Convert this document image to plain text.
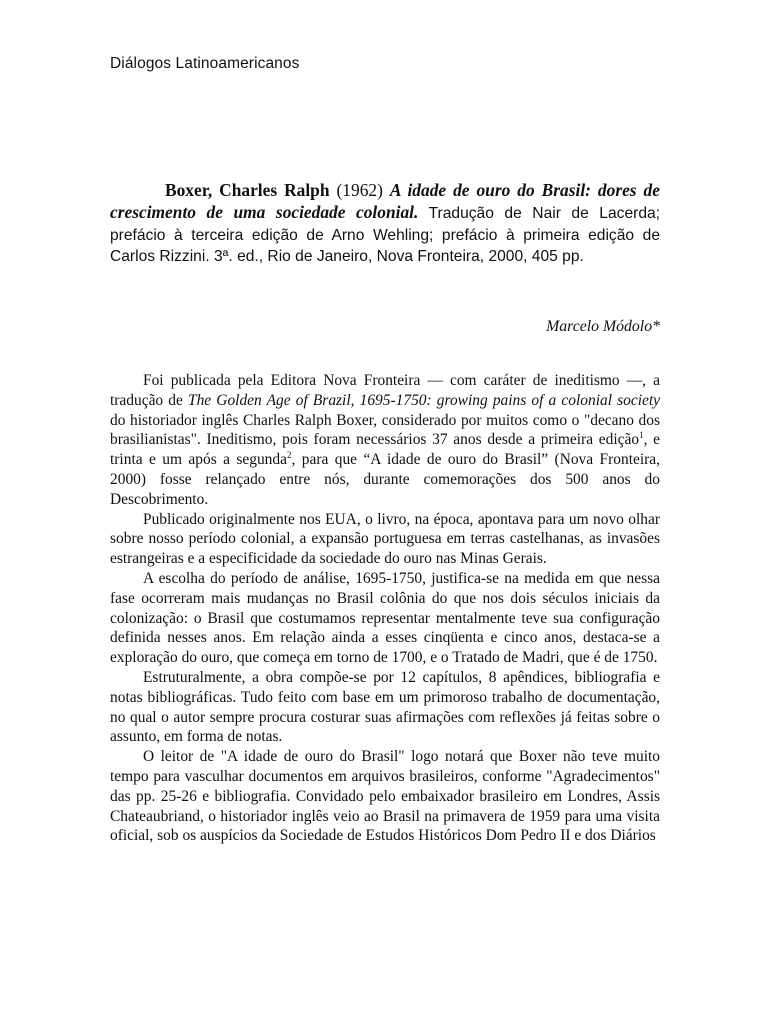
Diálogos Latinoamericanos
Boxer, Charles Ralph (1962) A idade de ouro do Brasil: dores de crescimento de uma sociedade colonial. Tradução de Nair de Lacerda; prefácio à terceira edição de Arno Wehling; prefácio à primeira edição de Carlos Rizzini. 3ª. ed., Rio de Janeiro, Nova Fronteira, 2000, 405 pp.
Marcelo Módolo*

Foi publicada pela Editora Nova Fronteira — com caráter de ineditismo —, a tradução de The Golden Age of Brazil, 1695-1750: growing pains of a colonial society do historiador inglês Charles Ralph Boxer, considerado por muitos como o "decano dos brasilianistas". Ineditismo, pois foram necessários 37 anos desde a primeira edição$^1$, e trinta e um após a segunda$^2$, para que “A idade de ouro do Brasil” (Nova Fronteira, 2000) fosse relançado entre nós, durante comemorações dos 500 anos do Descobrimento.

Publicado originalmente nos EUA, o livro, na época, apontava para um novo olhar sobre nosso período colonial, a expansão portuguesa em terras castelhanas, as invasões estrangeiras e a especificidade da sociedade do ouro nas Minas Gerais.

A escolha do período de análise, 1695-1750, justifica-se na medida em que nessa fase ocorreram mais mudanças no Brasil colônia do que nos dois séculos iniciais da colonização: o Brasil que costumamos representar mentalmente teve sua configuração definida nesses anos. Em relação ainda a esses cinqüenta e cinco anos, destaca-se a exploração do ouro, que começa em torno de 1700, e o Tratado de Madri, que é de 1750.

Estruturalmente, a obra compõe-se por 12 capítulos, 8 apêndices, bibliografia e notas bibliográficas. Tudo feito com base em um primoroso trabalho de documentação, no qual o autor sempre procura costurar suas afirmações com reflexões já feitas sobre o assunto, em forma de notas.

O leitor de "A idade de ouro do Brasil" logo notará que Boxer não teve muito tempo para vasculhar documentos em arquivos brasileiros, conforme "Agradecimentos" das pp. 25-26 e bibliografia. Convidado pelo embaixador brasileiro em Londres, Assis Chateaubriand, o historiador inglês veio ao Brasil na primavera de 1959 para uma visita oficial, sob os auspícios da Sociedade de Estudos Históricos Dom Pedro II e dos Diários
